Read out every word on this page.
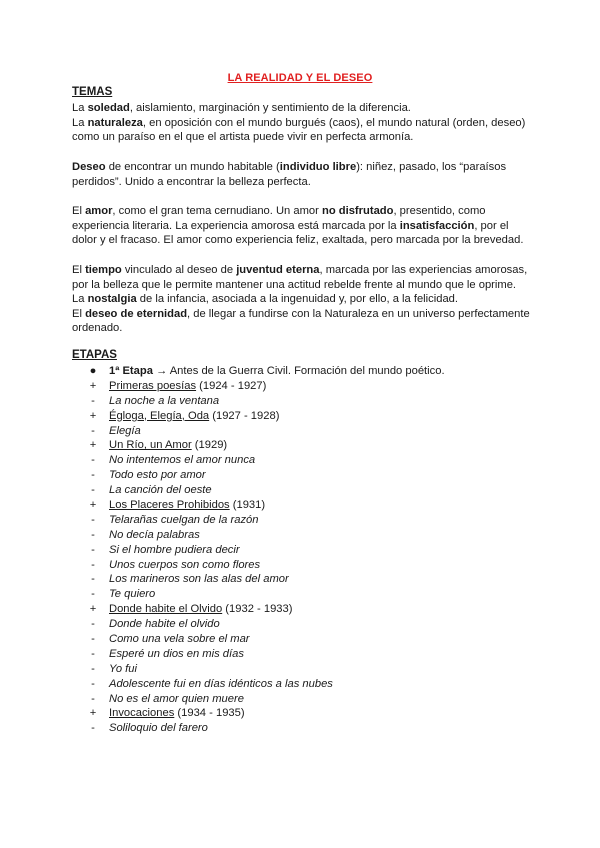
LA REALIDAD Y EL DESEO
TEMAS
La soledad, aislamiento, marginación y sentimiento de la diferencia.
La naturaleza, en oposición con el mundo burgués (caos), el mundo natural (orden, deseo)
como un paraíso en el que el artista puede vivir en perfecta armonía.
Deseo de encontrar un mundo habitable (individuo libre): niñez, pasado, los “paraísos
perdidos”. Unido a encontrar la belleza perfecta.
El amor, como el gran tema cernudiano. Un amor no disfrutado, presentido, como
experiencia literaria. La experiencia amorosa está marcada por la insatisfacción, por el
dolor y el fracaso. El amor como experiencia feliz, exaltada, pero marcada por la brevedad.
El tiempo vinculado al deseo de juventud eterna, marcada por las experiencias amorosas,
por la belleza que le permite mantener una actitud rebelde frente al mundo que le oprime.
La nostalgia de la infancia, asociada a la ingenuidad y, por ello, a la felicidad.
El deseo de eternidad, de llegar a fundirse con la Naturaleza en un universo perfectamente
ordenado.
ETAPAS
● 1ª Etapa → Antes de la Guerra Civil. Formación del mundo poético.
+ Primeras poesías (1924 - 1927)
- La noche a la ventana
+ Égloga, Elegía, Oda (1927 - 1928)
- Elegía
+ Un Río, un Amor (1929)
- No intentemos el amor nunca
- Todo esto por amor
- La canción del oeste
+ Los Placeres Prohibidos (1931)
- Telarañas cuelgan de la razón
- No decía palabras
- Si el hombre pudiera decir
- Unos cuerpos son como flores
- Los marineros son las alas del amor
- Te quiero
+ Donde habite el Olvido (1932 - 1933)
- Donde habite el olvido
- Como una vela sobre el mar
- Esperé un dios en mis días
- Yo fui
- Adolescente fui en días idénticos a las nubes
- No es el amor quien muere
+ Invocaciones (1934 - 1935)
- Soliloquio del farero
